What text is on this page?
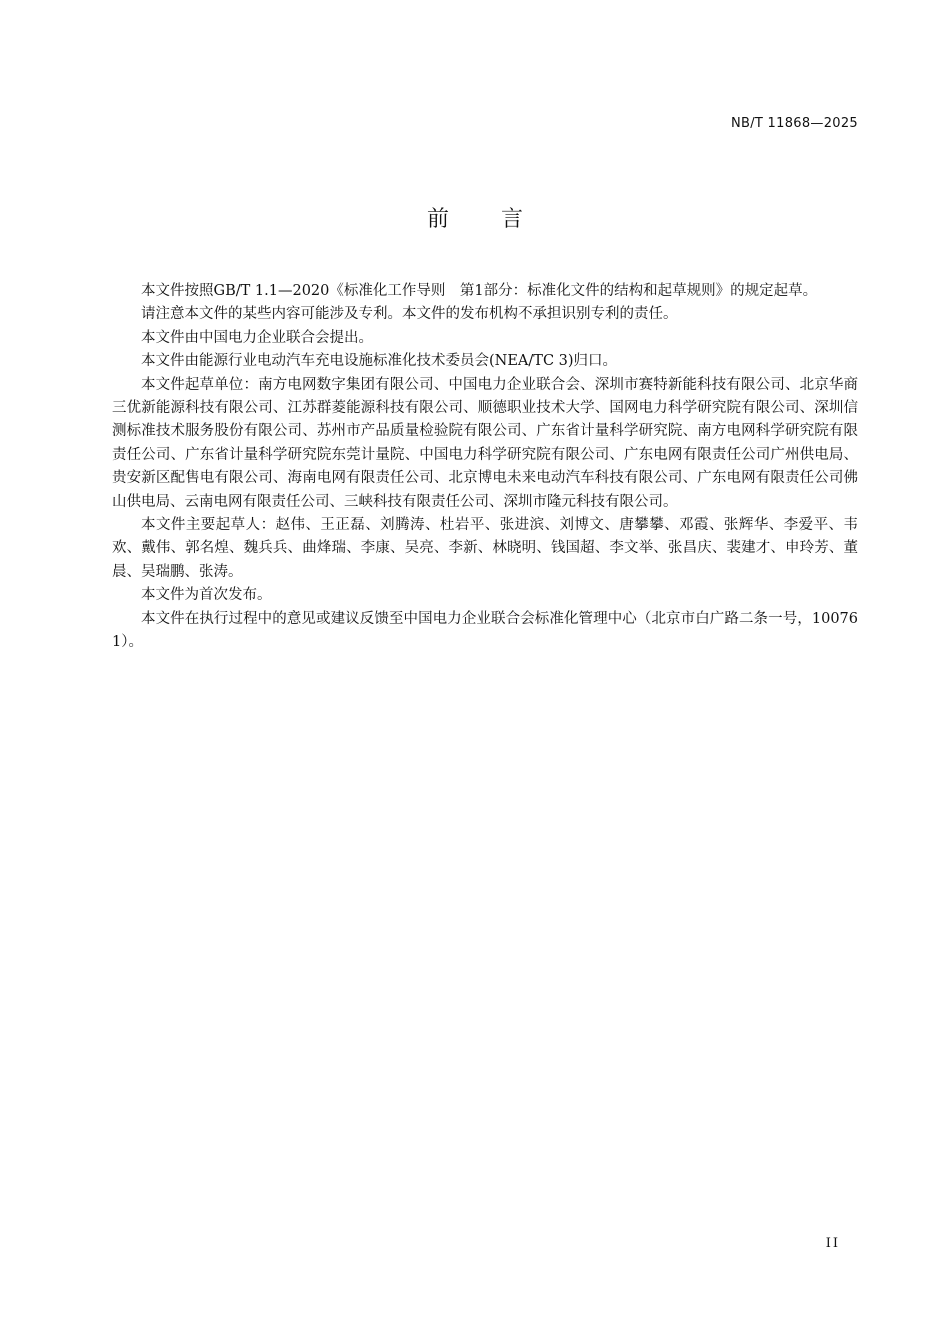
NB/T 11868—2025
前言

本文件按照GB/T 1.1—2020《标准化工作导则　第1部分：标准化文件的结构和起草规则》的规定起草。

请注意本文件的某些内容可能涉及专利。本文件的发布机构不承担识别专利的责任。

本文件由中国电力企业联合会提出。

本文件由能源行业电动汽车充电设施标准化技术委员会(NEA/TC 3)归口。

本文件起草单位：南方电网数字集团有限公司、中国电力企业联合会、深圳市赛特新能科技有限公司、北京华商三优新能源科技有限公司、江苏群菱能源科技有限公司、顺德职业技术大学、国网电力科学研究院有限公司、深圳信测标准技术服务股份有限公司、苏州市产品质量检验院有限公司、广东省计量科学研究院、南方电网科学研究院有限责任公司、广东省计量科学研究院东莞计量院、中国电力科学研究院有限公司、广东电网有限责任公司广州供电局、贵安新区配售电有限公司、海南电网有限责任公司、北京博电未来电动汽车科技有限公司、广东电网有限责任公司佛山供电局、云南电网有限责任公司、三峡科技有限责任公司、深圳市隆元科技有限公司。

本文件主要起草人：赵伟、王正磊、刘腾涛、杜岩平、张进滨、刘博文、唐攀攀、邓霞、张辉华、李爱平、韦欢、戴伟、郭名煌、魏兵兵、曲烽瑞、李康、吴亮、李新、林晓明、钱国超、李文举、张昌庆、裴建才、申玲芳、董晨、吴瑞鹏、张涛。

本文件为首次发布。

本文件在执行过程中的意见或建议反馈至中国电力企业联合会标准化管理中心（北京市白广路二条一号，100761）。

II
